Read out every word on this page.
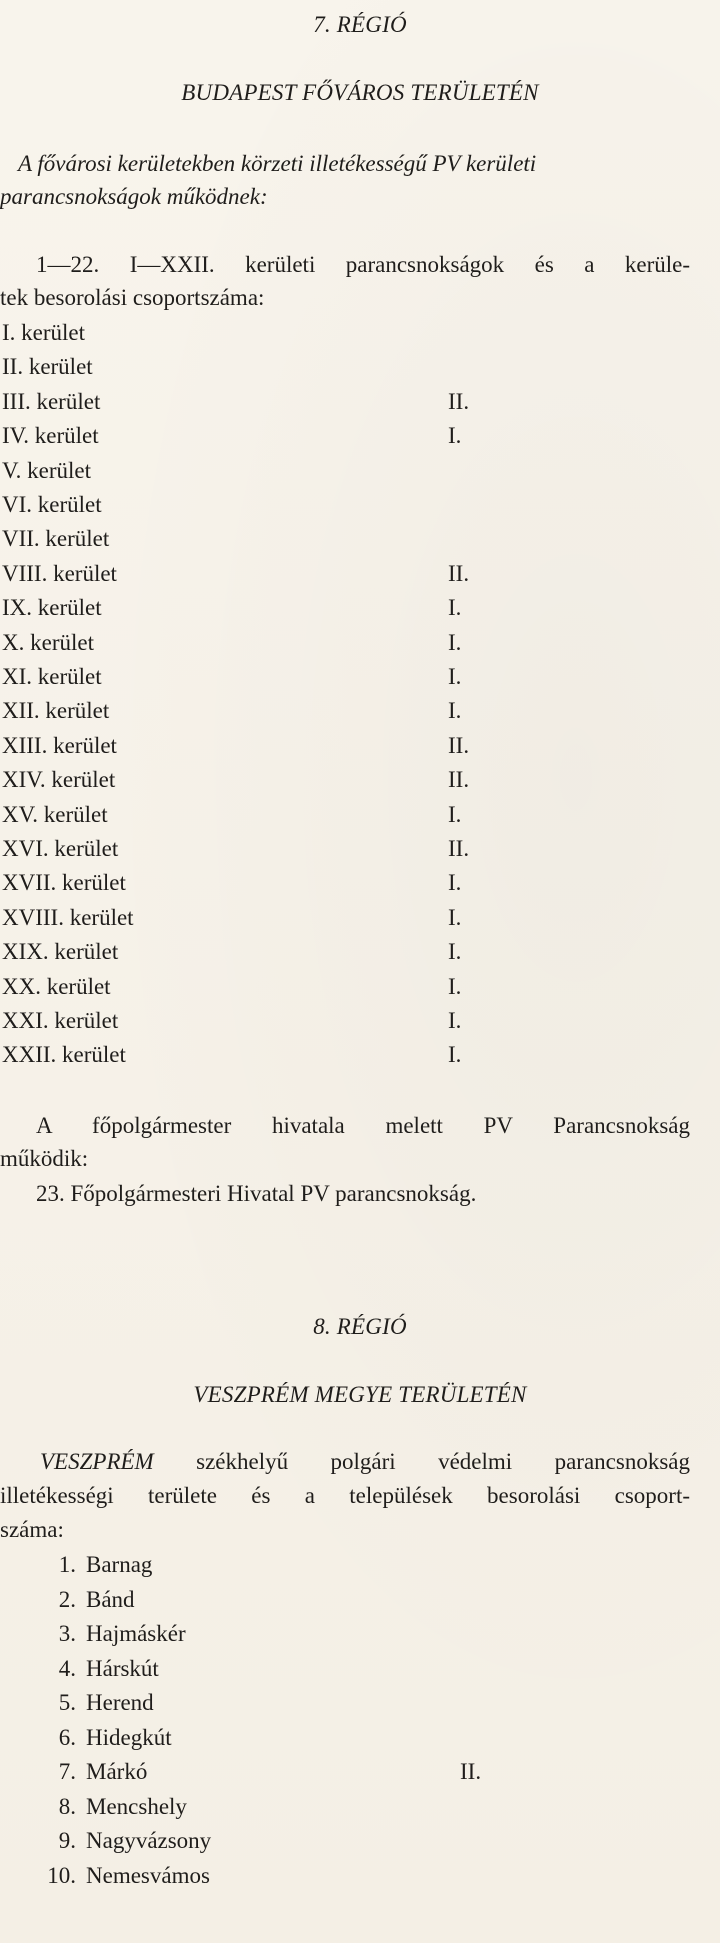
7. RÉGIÓ
BUDAPEST FŐVÁROS TERÜLETÉN
A fővárosi kerületekben körzeti illetékességű PV kerületi
parancsnokságok működnek:
1—22. I—XXII. kerületi parancsnokságok és a kerüle-
tek besorolási csoportszáma:
I. kerület
II. kerület
III. kerület	II.
IV. kerület	I.
V. kerület
VI. kerület
VII. kerület
VIII. kerület	II.
IX. kerület	I.
X. kerület	I.
XI. kerület	I.
XII. kerület	I.
XIII. kerület	II.
XIV. kerület	II.
XV. kerület	I.
XVI. kerület	II.
XVII. kerület	I.
XVIII. kerület	I.
XIX. kerület	I.
XX. kerület	I.
XXI. kerület	I.
XXII. kerület	I.
A főpolgármester hivatala melett PV Parancsnokság
működik:
23. Főpolgármesteri Hivatal PV parancsnokság.
8. RÉGIÓ
VESZPRÉM MEGYE TERÜLETÉN
VESZPRÉM székhelyű polgári védelmi parancsnokság
illetékességi területe és a települések besorolási csoport-
száma:
1. Barnag
2. Bánd
3. Hajmáskér
4. Hárskút
5. Herend
6. Hidegkút
7. Márkó	II.
8. Mencshely
9. Nagyvázsony
10. Nemesvámos
